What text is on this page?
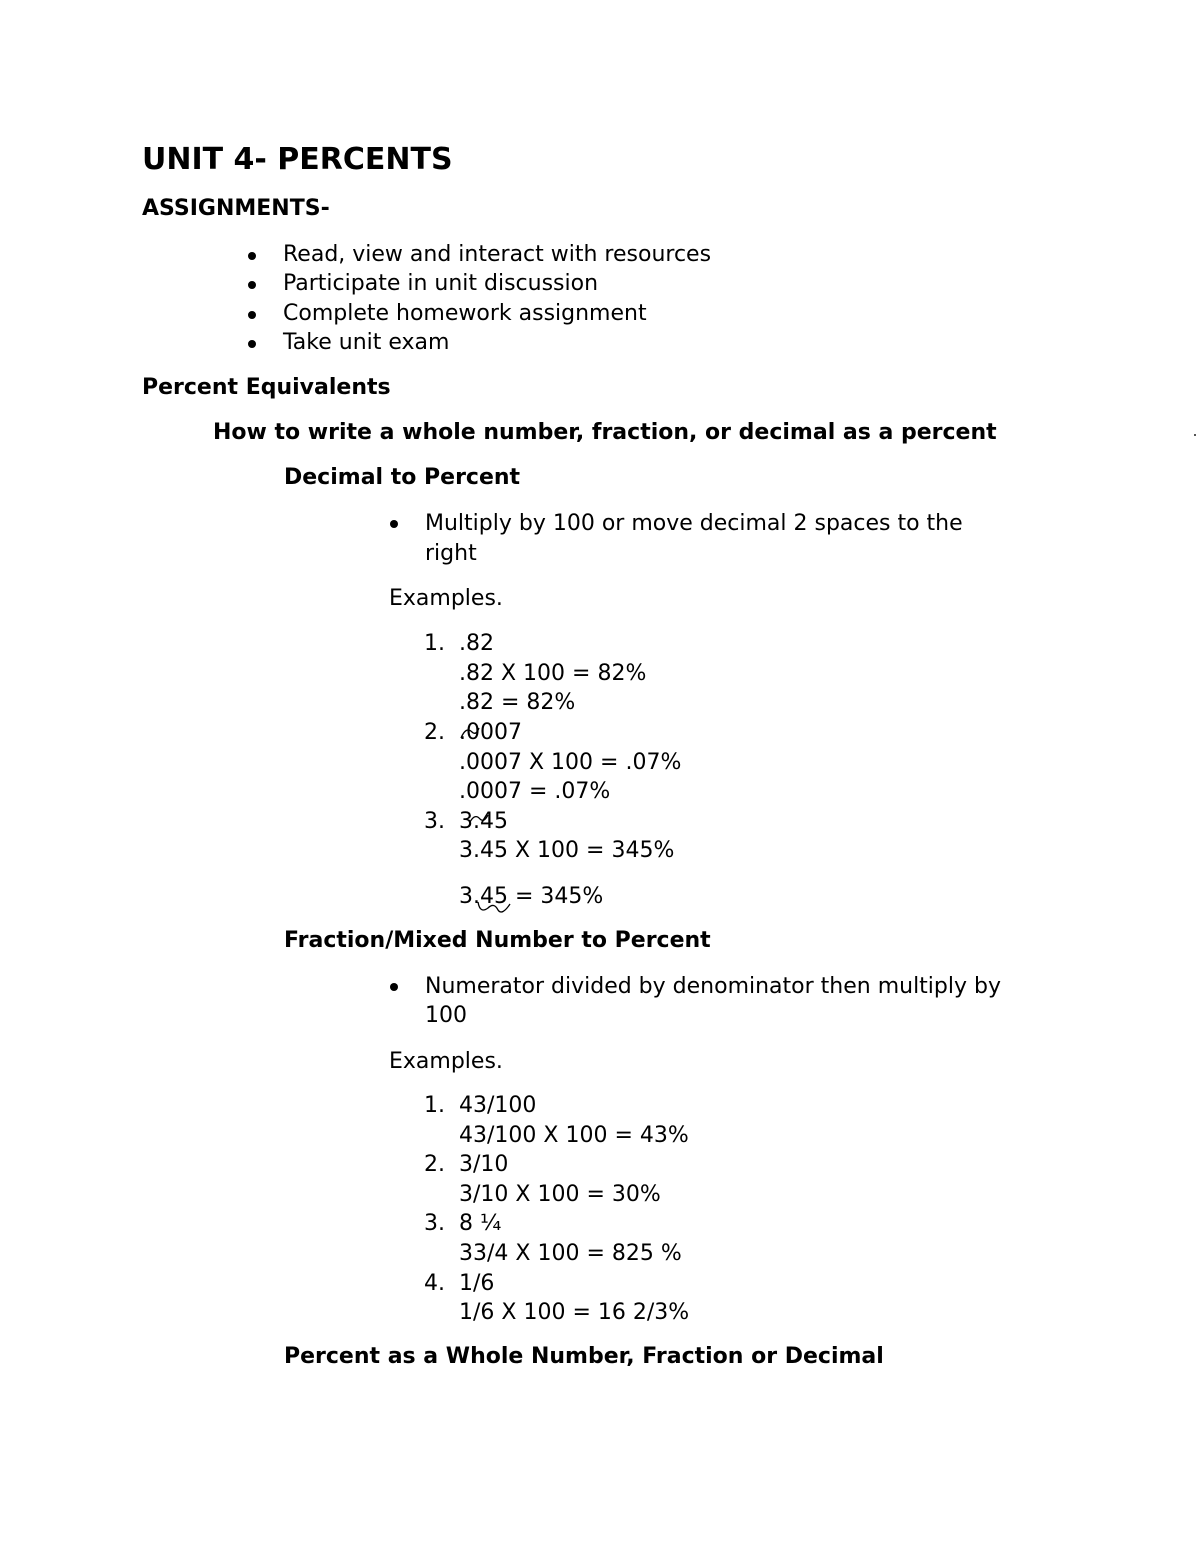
UNIT 4- PERCENTS
ASSIGNMENTS-
Read, view and interact with resources
Participate in unit discussion
Complete homework assignment
Take unit exam
Percent Equivalents
How to write a whole number, fraction, or decimal as a percent
Decimal to Percent
Multiply by 100 or move decimal 2 spaces to the
right
Examples.
1. .82
.82 X 100 = 82%
.82 = 82%
2. .0007
.0007 X 100 = .07%
.0007 = .07%
3. 3.45
3.45 X 100 = 345%
3.45 = 345%
Fraction/Mixed Number to Percent
Numerator divided by denominator then multiply by
100
Examples.
1. 43/100
43/100 X 100 = 43%
2. 3/10
3/10 X 100 = 30%
3. 8 ¼
33/4 X 100 = 825 %
4. 1/6
1/6 X 100 = 16 2/3%
Percent as a Whole Number, Fraction or Decimal
